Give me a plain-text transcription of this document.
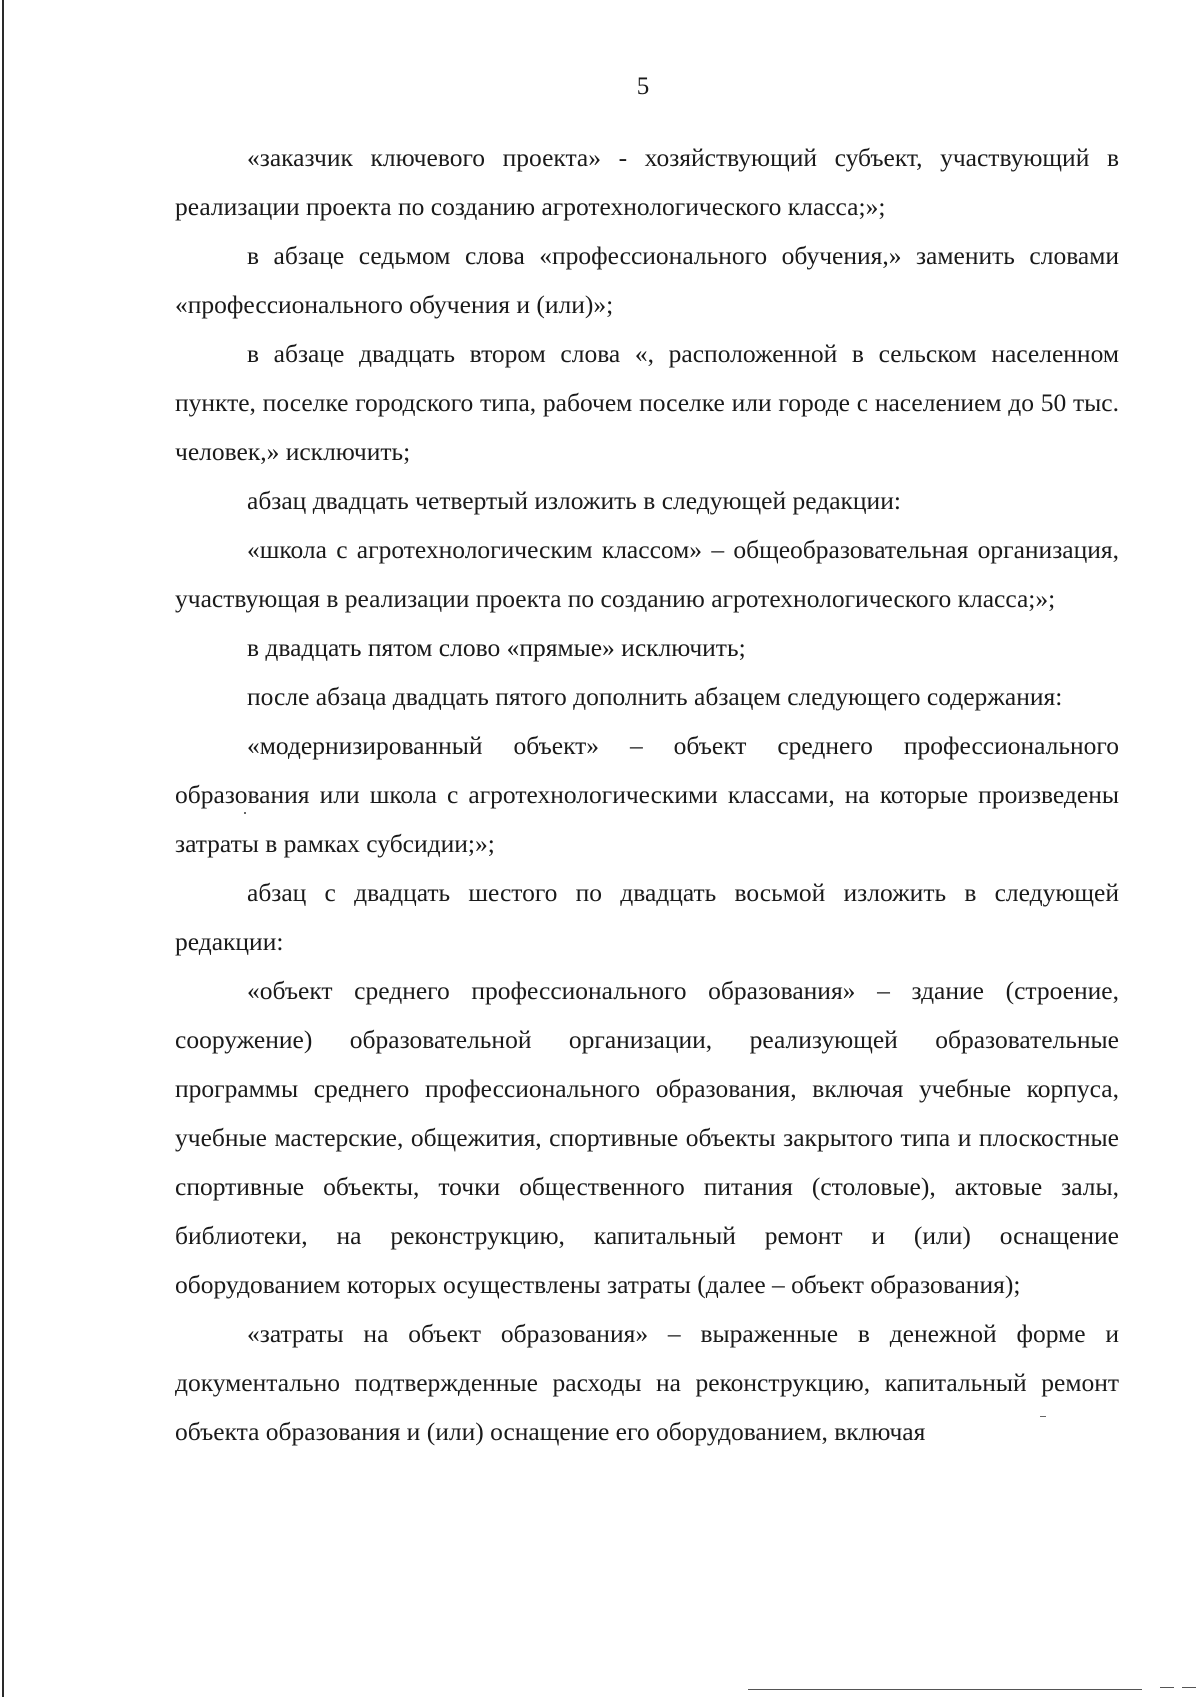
5

«заказчик ключевого проекта» - хозяйствующий субъект, участвующий в реализации проекта по созданию агротехнологического класса;»;

в абзаце седьмом слова «профессионального обучения,» заменить словами «профессионального обучения и (или)»;

в абзаце двадцать втором слова «, расположенной в сельском населенном пункте, поселке городского типа, рабочем поселке или городе с населением до 50 тыс. человек,» исключить;

абзац двадцать четвертый изложить в следующей редакции:

«школа с агротехнологическим классом» – общеобразовательная организация, участвующая в реализации проекта по созданию агротехнологического класса;»;

в двадцать пятом слово «прямые» исключить;

после абзаца двадцать пятого дополнить абзацем следующего содержания:

«модернизированный объект» – объект среднего профессионального образования или школа с агротехнологическими классами, на которые произведены затраты в рамках субсидии;»;

абзац с двадцать шестого по двадцать восьмой изложить в следующей редакции:

«объект среднего профессионального образования» – здание (строение, сооружение) образовательной организации, реализующей образовательные программы среднего профессионального образования, включая учебные корпуса, учебные мастерские, общежития, спортивные объекты закрытого типа и плоскостные спортивные объекты, точки общественного питания (столовые), актовые залы, библиотеки, на реконструкцию, капитальный ремонт и (или) оснащение оборудованием которых осуществлены затраты (далее – объект образования);

«затраты на объект образования» – выраженные в денежной форме и документально подтвержденные расходы на реконструкцию, капитальный ремонт объекта образования и (или) оснащение его оборудованием, включая
